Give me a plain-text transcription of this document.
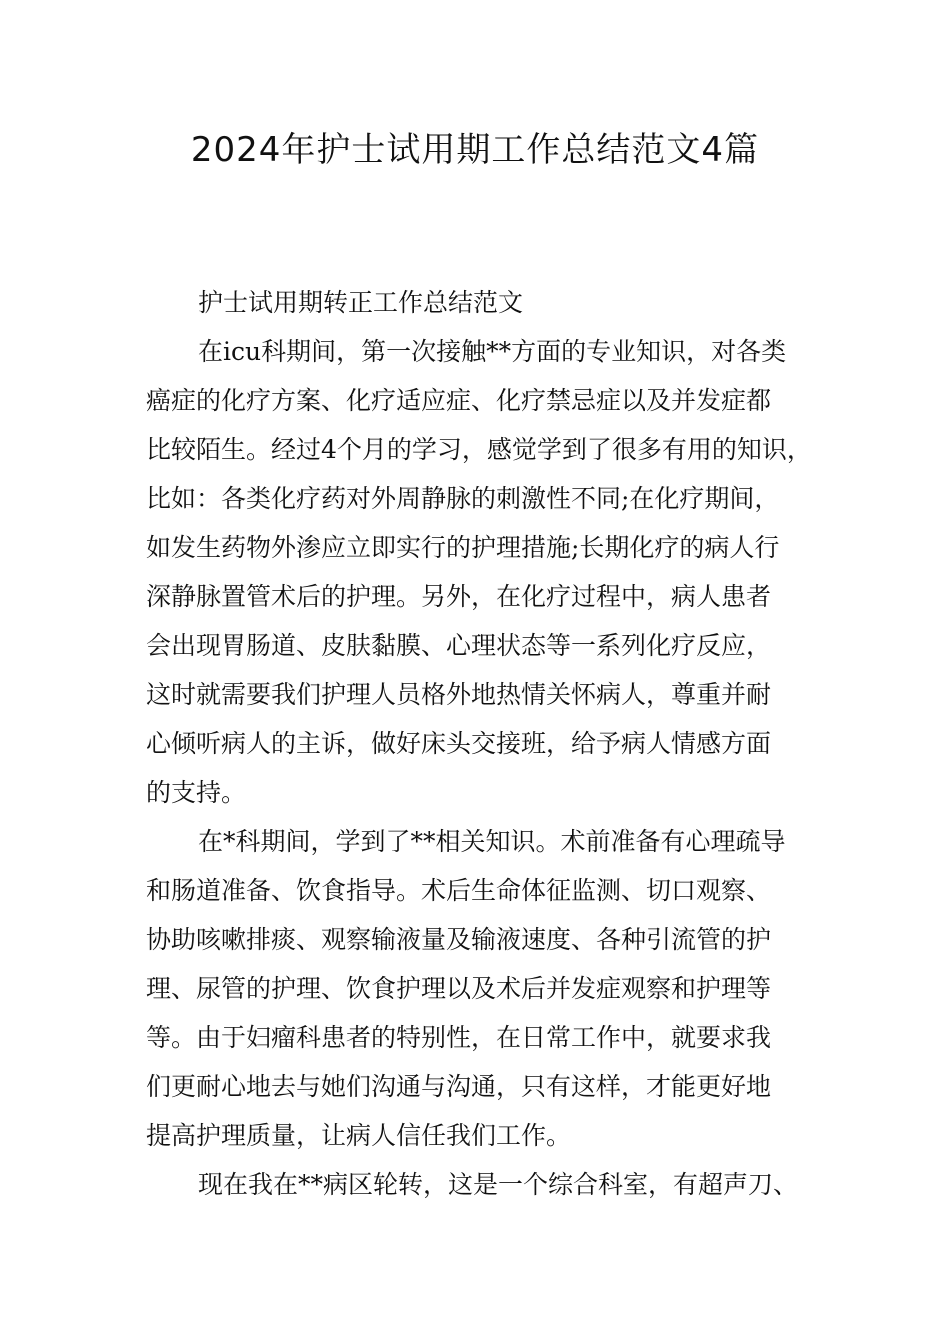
2024年护士试用期工作总结范文4篇
护士试用期转正工作总结范文
在icu科期间，第一次接触**方面的专业知识，对各类
癌症的化疗方案、化疗适应症、化疗禁忌症以及并发症都
比较陌生。经过4个月的学习，感觉学到了很多有用的知识，
比如：各类化疗药对外周静脉的刺激性不同;在化疗期间，
如发生药物外渗应立即实行的护理措施;长期化疗的病人行
深静脉置管术后的护理。另外，在化疗过程中，病人患者
会出现胃肠道、皮肤黏膜、心理状态等一系列化疗反应，
这时就需要我们护理人员格外地热情关怀病人，尊重并耐
心倾听病人的主诉，做好床头交接班，给予病人情感方面
的支持。
在*科期间，学到了**相关知识。术前准备有心理疏导
和肠道准备、饮食指导。术后生命体征监测、切口观察、
协助咳嗽排痰、观察输液量及输液速度、各种引流管的护
理、尿管的护理、饮食护理以及术后并发症观察和护理等
等。由于妇瘤科患者的特别性，在日常工作中，就要求我
们更耐心地去与她们沟通与沟通，只有这样，才能更好地
提高护理质量，让病人信任我们工作。
现在我在**病区轮转，这是一个综合科室，有超声刀、
